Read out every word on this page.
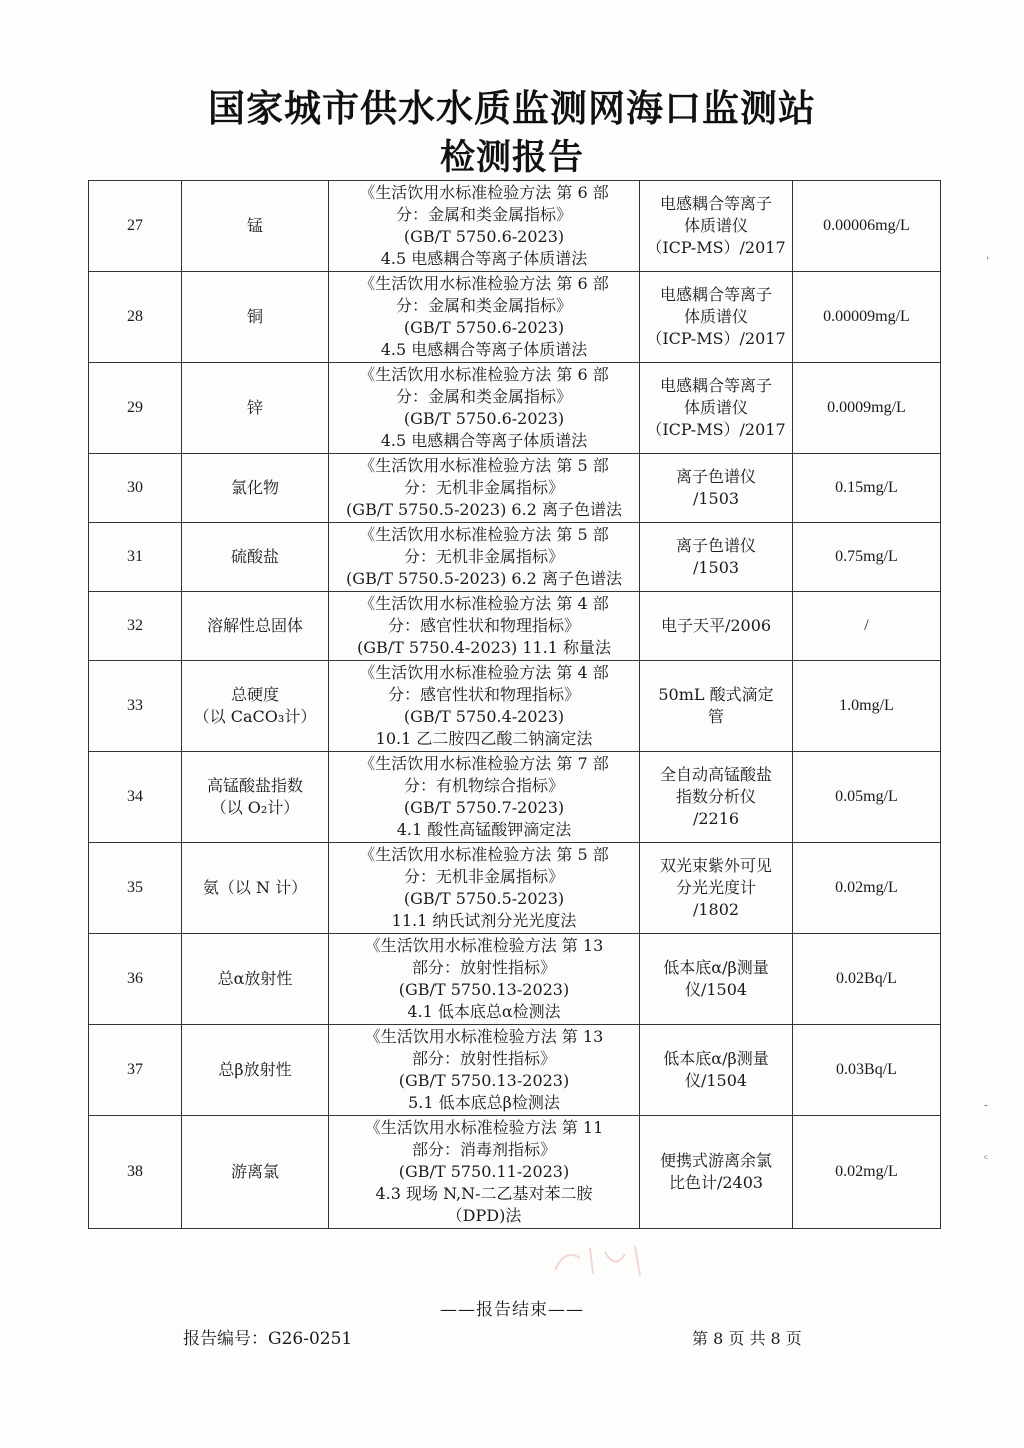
国家城市供水水质监测网海口监测站
检测报告
27	锰	《生活饮用水标准检验方法 第 6 部
分：金属和类金属指标》
(GB/T 5750.6-2023)
4.5 电感耦合等离子体质谱法	电感耦合等离子
体质谱仪
（ICP-MS）/2017	0.00006mg/L
28	铜	《生活饮用水标准检验方法 第 6 部
分：金属和类金属指标》
(GB/T 5750.6-2023)
4.5 电感耦合等离子体质谱法	电感耦合等离子
体质谱仪
（ICP-MS）/2017	0.00009mg/L
29	锌	《生活饮用水标准检验方法 第 6 部
分：金属和类金属指标》
(GB/T 5750.6-2023)
4.5 电感耦合等离子体质谱法	电感耦合等离子
体质谱仪
（ICP-MS）/2017	0.0009mg/L
30	氯化物	《生活饮用水标准检验方法 第 5 部
分：无机非金属指标》
(GB/T 5750.5-2023) 6.2 离子色谱法	离子色谱仪
/1503	0.15mg/L
31	硫酸盐	《生活饮用水标准检验方法 第 5 部
分：无机非金属指标》
(GB/T 5750.5-2023) 6.2 离子色谱法	离子色谱仪
/1503	0.75mg/L
32	溶解性总固体	《生活饮用水标准检验方法 第 4 部
分：感官性状和物理指标》
(GB/T 5750.4-2023) 11.1 称量法	电子天平/2006	/
33	总硬度
（以 CaCO₃计）	《生活饮用水标准检验方法 第 4 部
分：感官性状和物理指标》
(GB/T 5750.4-2023)
10.1 乙二胺四乙酸二钠滴定法	50mL 酸式滴定
管	1.0mg/L
34	高锰酸盐指数
（以 O₂计）	《生活饮用水标准检验方法 第 7 部
分：有机物综合指标》
(GB/T 5750.7-2023)
4.1 酸性高锰酸钾滴定法	全自动高锰酸盐
指数分析仪
/2216	0.05mg/L
35	氨（以 N 计）	《生活饮用水标准检验方法 第 5 部
分：无机非金属指标》
(GB/T 5750.5-2023)
11.1 纳氏试剂分光光度法	双光束紫外可见
分光光度计
/1802	0.02mg/L
36	总α放射性	《生活饮用水标准检验方法 第 13
部分：放射性指标》
(GB/T 5750.13-2023)
4.1 低本底总α检测法	低本底α/β测量
仪/1504	0.02Bq/L
37	总β放射性	《生活饮用水标准检验方法 第 13
部分：放射性指标》
(GB/T 5750.13-2023)
5.1 低本底总β检测法	低本底α/β测量
仪/1504	0.03Bq/L
38	游离氯	《生活饮用水标准检验方法 第 11
部分：消毒剂指标》
(GB/T 5750.11-2023)
4.3 现场 N,N-二乙基对苯二胺
（DPD)法	便携式游离余氯
比色计/2403	0.02mg/L
ˈ
-
ᶜ
——报告结束——
报告编号：G26-0251	第 8 页 共 8 页
